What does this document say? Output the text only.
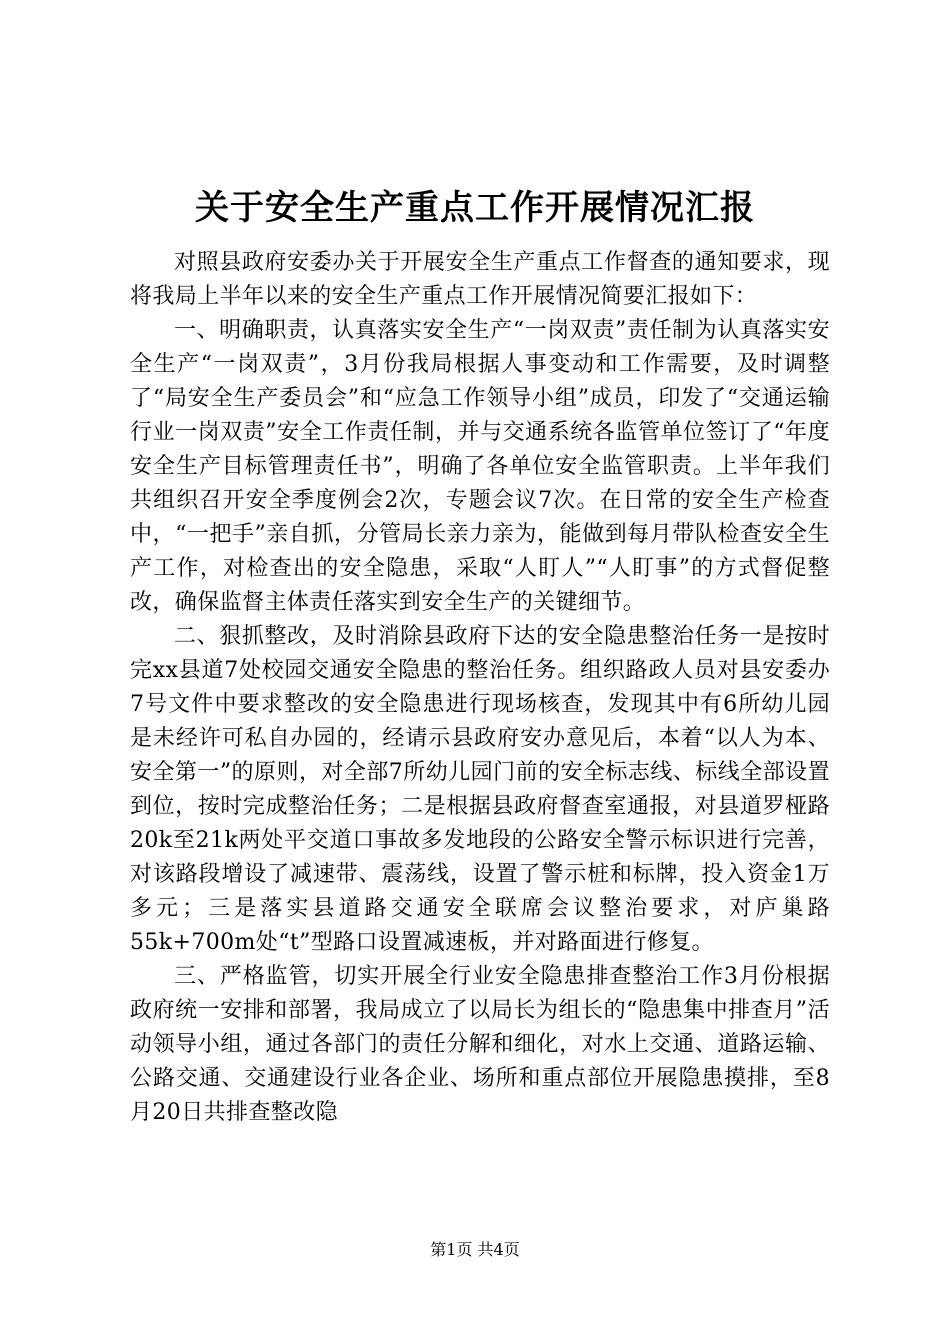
关于安全生产重点工作开展情况汇报

对照县政府安委办关于开展安全生产重点工作督查的通知要求，现将我局上半年以来的安全生产重点工作开展情况简要汇报如下：

一、明确职责，认真落实安全生产“一岗双责”责任制为认真落实安全生产“一岗双责”，3月份我局根据人事变动和工作需要，及时调整了“局安全生产委员会”和“应急工作领导小组”成员，印发了“交通运输行业一岗双责”安全工作责任制，并与交通系统各监管单位签订了“年度安全生产目标管理责任书”，明确了各单位安全监管职责。上半年我们共组织召开安全季度例会2次，专题会议7次。在日常的安全生产检查中，“一把手”亲自抓，分管局长亲力亲为，能做到每月带队检查安全生产工作，对检查出的安全隐患，采取“人盯人”“人盯事”的方式督促整改，确保监督主体责任落实到安全生产的关键细节。

二、狠抓整改，及时消除县政府下达的安全隐患整治任务一是按时完xx县道7处校园交通安全隐患的整治任务。组织路政人员对县安委办7号文件中要求整改的安全隐患进行现场核查，发现其中有6所幼儿园是未经许可私自办园的，经请示县政府安办意见后，本着“以人为本、安全第一”的原则，对全部7所幼儿园门前的安全标志线、标线全部设置到位，按时完成整治任务；二是根据县政府督查室通报，对县道罗桠路20k至21k两处平交道口事故多发地段的公路安全警示标识进行完善，对该路段增设了减速带、震荡线，设置了警示桩和标牌，投入资金1万多元；三是落实县道路交通安全联席会议整治要求，对庐巢路55k+700m处“t”型路口设置减速板，并对路面进行修复。

三、严格监管，切实开展全行业安全隐患排查整治工作3月份根据政府统一安排和部署，我局成立了以局长为组长的“隐患集中排查月”活动领导小组，通过各部门的责任分解和细化，对水上交通、道路运输、公路交通、交通建设行业各企业、场所和重点部位开展隐患摸排，至8月20日共排查整改隐

第1页 共4页
